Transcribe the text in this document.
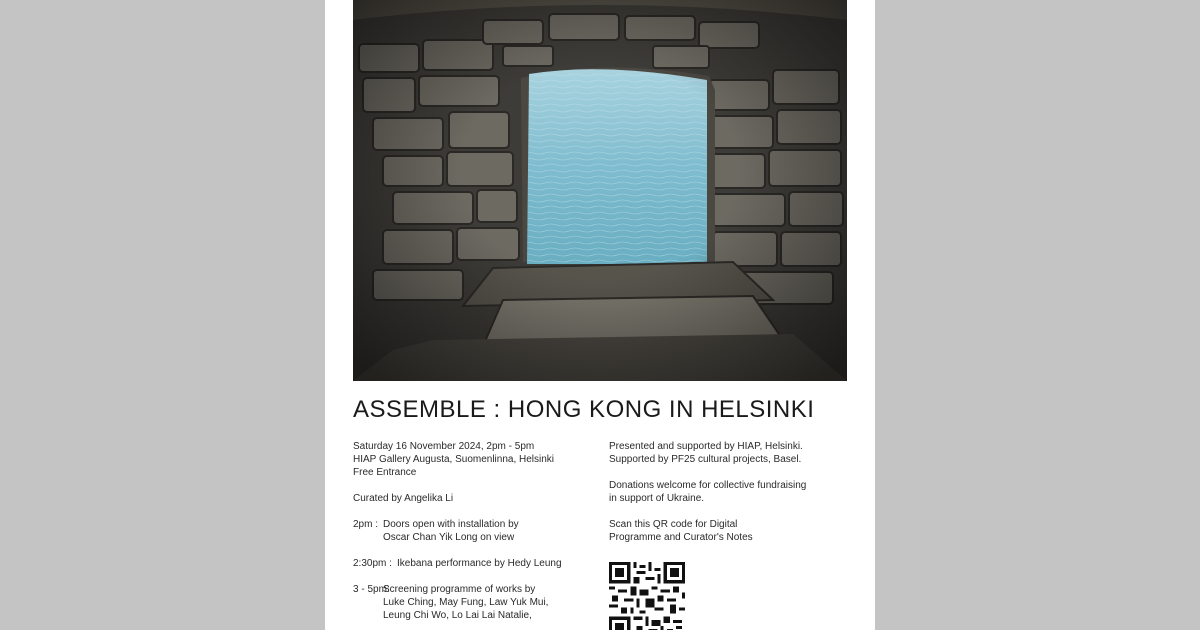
ASSEMBLE : HONG KONG IN HELSINKI
Saturday 16 November 2024, 2pm - 5pm
HIAP Gallery Augusta, Suomenlinna, Helsinki
Free Entrance
Curated by Angelika Li
2pm : Doors open with installation by
Oscar Chan Yik Long on view
2:30pm : Ikebana performance by Hedy Leung
3 - 5pm:
Screening programme of works by
Luke Ching, May Fung, Law Yuk Mui,
Leung Chi Wo, Lo Lai Lai Natalie,
Presented and supported by HIAP, Helsinki.
Supported by PF25 cultural projects, Basel.
Donations welcome for collective fundraising
in support of Ukraine.
Scan this QR code for Digital
Programme and Curator's Notes
